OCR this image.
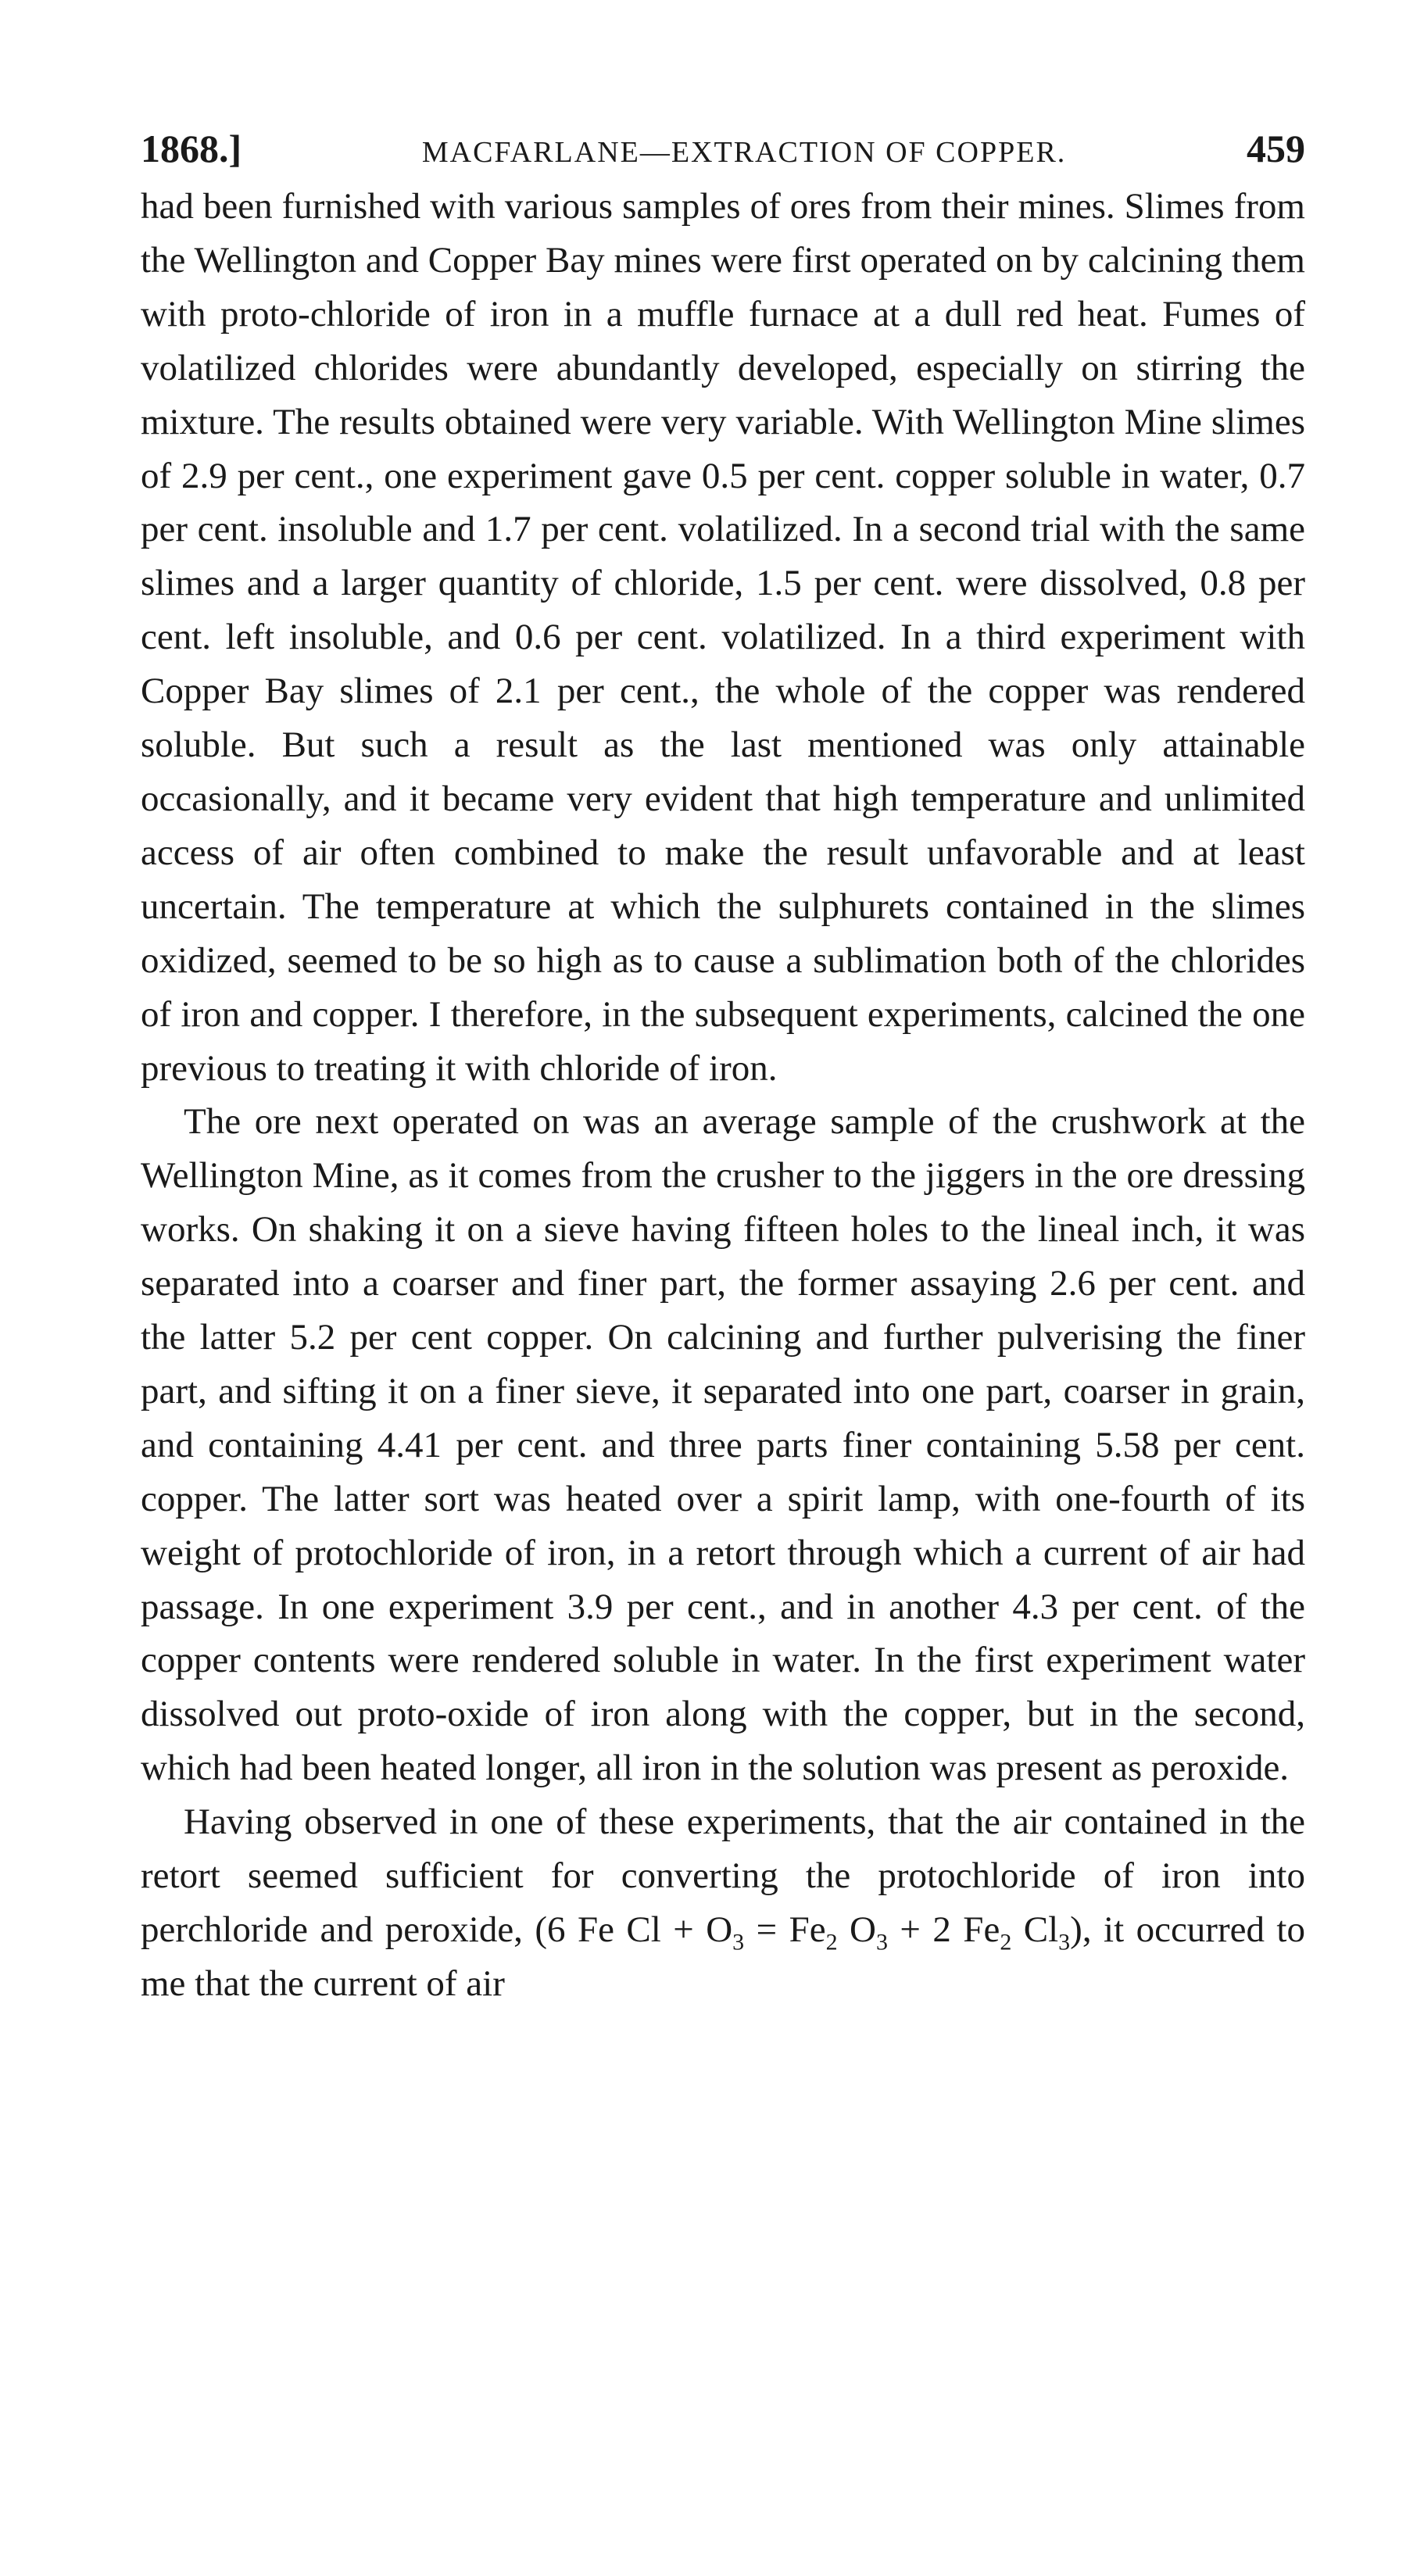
1868.]	MACFARLANE—EXTRACTION OF COPPER.	459

had been furnished with various samples of ores from their mines. Slimes from the Wellington and Copper Bay mines were first operated on by calcining them with proto-chloride of iron in a muffle furnace at a dull red heat. Fumes of volatilized chlorides were abundantly developed, especially on stirring the mixture. The results obtained were very variable. With Wellington Mine slimes of 2.9 per cent., one experiment gave 0.5 per cent. copper soluble in water, 0.7 per cent. insoluble and 1.7 per cent. volatilized. In a second trial with the same slimes and a larger quantity of chloride, 1.5 per cent. were dissolved, 0.8 per cent. left insoluble, and 0.6 per cent. volatilized. In a third experiment with Copper Bay slimes of 2.1 per cent., the whole of the copper was rendered soluble. But such a result as the last mentioned was only attainable occasionally, and it became very evident that high temperature and unlimited access of air often combined to make the result unfavorable and at least uncertain. The temperature at which the sulphurets contained in the slimes oxidized, seemed to be so high as to cause a sublimation both of the chlorides of iron and copper. I therefore, in the subsequent experiments, calcined the one previous to treating it with chloride of iron.

The ore next operated on was an average sample of the crushwork at the Wellington Mine, as it comes from the crusher to the jiggers in the ore dressing works. On shaking it on a sieve having fifteen holes to the lineal inch, it was separated into a coarser and finer part, the former assaying 2.6 per cent. and the latter 5.2 per cent copper. On calcining and further pulverising the finer part, and sifting it on a finer sieve, it separated into one part, coarser in grain, and containing 4.41 per cent. and three parts finer containing 5.58 per cent. copper. The latter sort was heated over a spirit lamp, with one-fourth of its weight of protochloride of iron, in a retort through which a current of air had passage. In one experiment 3.9 per cent., and in another 4.3 per cent. of the copper contents were rendered soluble in water. In the first experiment water dissolved out proto-oxide of iron along with the copper, but in the second, which had been heated longer, all iron in the solution was present as peroxide.

Having observed in one of these experiments, that the air contained in the retort seemed sufficient for converting the protochloride of iron into perchloride and peroxide, (6 Fe $Cl + O_3 = Fe_2$ $O_3 + 2$ $Fe_2$ $Cl_3$), it occurred to me that the current of air
